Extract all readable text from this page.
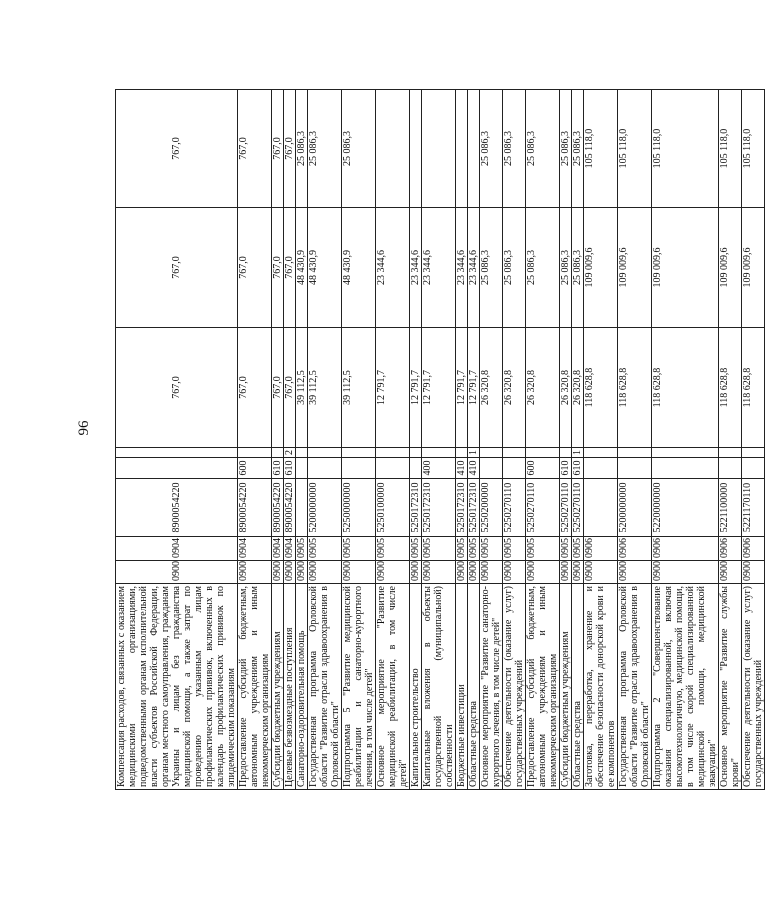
96
Компенсация расходов, связанных с оказанием медицинскими организациями, подведомственными органам исполнительной власти субъектов Российской Федерации, органам местного самоуправления, гражданам Украины и лицам без гражданства медицинской помощи, а также затрат по проведению указанным лицам профилактических прививок, включенных в календарь профилактических прививок по эпидемическим показаниям	0900	0904	8900054220			767,0	767,0	767,0
Предоставление субсидий бюджетным, автономным учреждениям и иным некоммерческим организациям	0900	0904	8900054220	600		767,0	767,0	767,0
Субсидии бюджетным учреждениям	0900	0904	8900054220	610		767,0	767,0	767,0
Целевые безвозмездные поступления	0900	0904	8900054220	610	2	767,0	767,0	767,0
Санаторно-оздоровительная помощь	0900	0905				39 112,5	48 430,9	25 086,3
Государственная программа Орловской области "Развитие отрасли здравоохранения в Орловской области"	0900	0905	5200000000			39 112,5	48 430,9	25 086,3
Подпрограмма 5 "Развитие медицинской реабилитации и санаторно-курортного лечения, в том числе детей"	0900	0905	5250000000			39 112,5	48 430,9	25 086,3
Основное мероприятие "Развитие медицинской реабилитации, в том числе детей"	0900	0905	5250100000			12 791,7	23 344,6	
Капитальное строительство	0900	0905	5250172310			12 791,7	23 344,6	
Капитальные вложения в объекты государственной (муниципальной) собственности	0900	0905	5250172310	400		12 791,7	23 344,6	
Бюджетные инвестиции	0900	0905	5250172310	410		12 791,7	23 344,6	
Областные средства	0900	0905	5250172310	410	1	12 791,7	23 344,6	
Основное мероприятие "Развитие санаторно-курортного лечения, в том числе детей"	0900	0905	5250200000			26 320,8	25 086,3	25 086,3
Обеспечение деятельности (оказание услуг) государственных учреждений	0900	0905	5250270110			26 320,8	25 086,3	25 086,3
Предоставление субсидий бюджетным, автономным учреждениям и иным некоммерческим организациям	0900	0905	5250270110	600		26 320,8	25 086,3	25 086,3
Субсидии бюджетным учреждениям	0900	0905	5250270110	610		26 320,8	25 086,3	25 086,3
Областные средства	0900	0905	5250270110	610	1	26 320,8	25 086,3	25 086,3
Заготовка, переработка, хранение и обеспечение безопасности донорской крови и ее компонентов	0900	0906				118 628,8	109 009,6	105 118,0
Государственная программа Орловской области "Развитие отрасли здравоохранения в Орловской области"	0900	0906	5200000000			118 628,8	109 009,6	105 118,0
Подпрограмма 2 "Совершенствование оказания специализированной, включая высокотехнологичную, медицинской помощи, в том числе скорой специализированной медицинской помощи, медицинской эвакуации"	0900	0906	5220000000			118 628,8	109 009,6	105 118,0
Основное мероприятие "Развитие службы крови"	0900	0906	5221100000			118 628,8	109 009,6	105 118,0
Обеспечение деятельности (оказание услуг) государственных учреждений	0900	0906	5221170110			118 628,8	109 009,6	105 118,0
